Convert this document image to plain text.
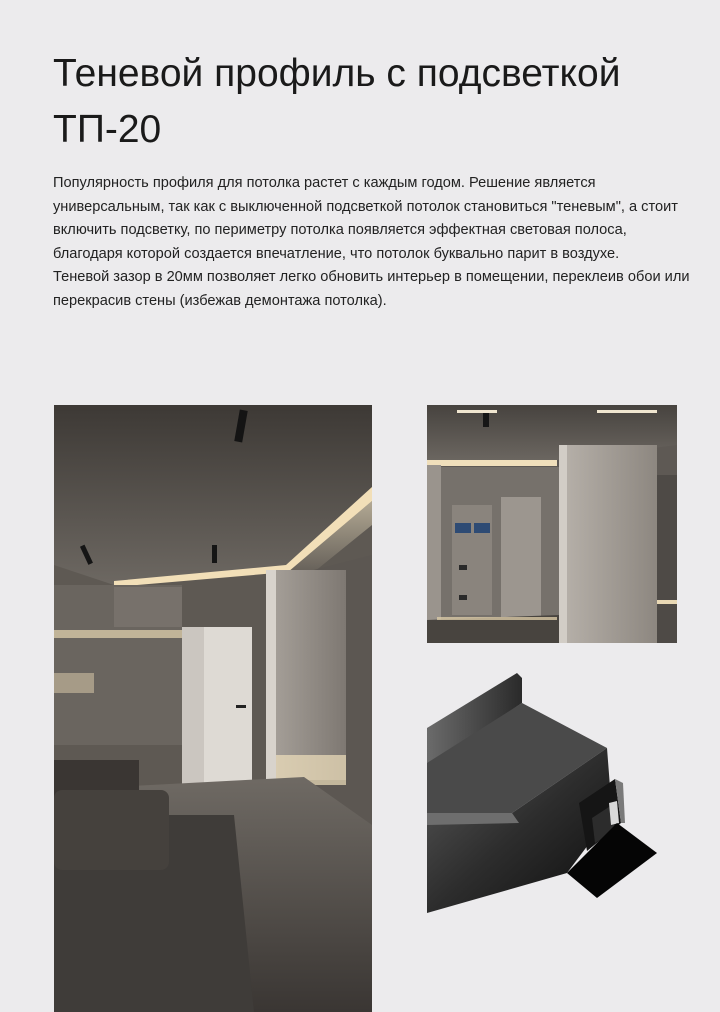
Теневой профиль с подсветкой
ТП-20

Популярность профиля для потолка растет с каждым годом. Решение является универсальным, так как с выключенной подсветкой потолок становиться "теневым", а стоит включить подсветку, по периметру потолка появляется эффектная световая полоса, благодаря которой создается впечатление, что потолок буквально парит в воздухе.

Теневой зазор в 20мм позволяет легко обновить интерьер в помещении, переклеив обои или перекрасив стены (избежав демонтажа потолка).
